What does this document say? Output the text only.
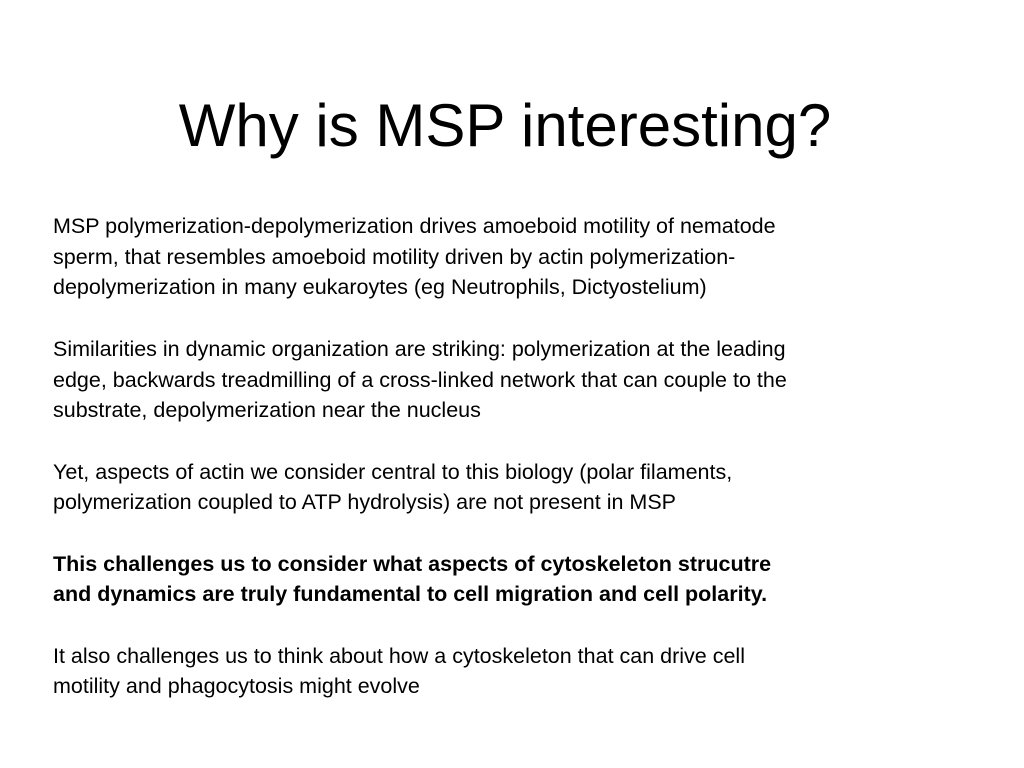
Why is MSP interesting?

MSP polymerization-depolymerization drives amoeboid motility of nematode
sperm, that resembles amoeboid motility driven by actin polymerization-
depolymerization in many eukaroytes (eg Neutrophils, Dictyostelium)

Similarities in dynamic organization are striking: polymerization at the leading
edge, backwards treadmilling of a cross-linked network that can couple to the
substrate, depolymerization near the nucleus

Yet, aspects of actin we consider central to this biology (polar filaments,
polymerization coupled to ATP hydrolysis) are not present in MSP

This challenges us to consider what aspects of cytoskeleton strucutre
and dynamics are truly fundamental to cell migration and cell polarity.

It also challenges us to think about how a cytoskeleton that can drive cell
motility and phagocytosis might evolve
